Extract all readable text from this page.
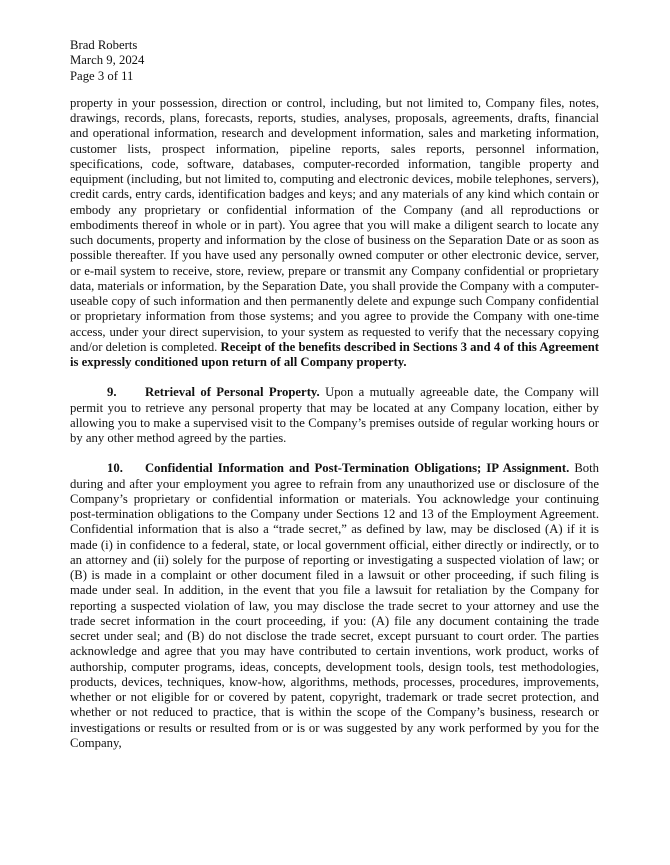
Brad Roberts
March 9, 2024
Page 3 of 11

property in your possession, direction or control, including, but not limited to, Company files, notes, drawings, records, plans, forecasts, reports, studies, analyses, proposals, agreements, drafts, financial and operational information, research and development information, sales and marketing information, customer lists, prospect information, pipeline reports, sales reports, personnel information, specifications, code, software, databases, computer-recorded information, tangible property and equipment (including, but not limited to, computing and electronic devices, mobile telephones, servers), credit cards, entry cards, identification badges and keys; and any materials of any kind which contain or embody any proprietary or confidential information of the Company (and all reproductions or embodiments thereof in whole or in part). You agree that you will make a diligent search to locate any such documents, property and information by the close of business on the Separation Date or as soon as possible thereafter. If you have used any personally owned computer or other electronic device, server, or e-mail system to receive, store, review, prepare or transmit any Company confidential or proprietary data, materials or information, by the Separation Date, you shall provide the Company with a computer-useable copy of such information and then permanently delete and expunge such Company confidential or proprietary information from those systems; and you agree to provide the Company with one-time access, under your direct supervision, to your system as requested to verify that the necessary copying and/or deletion is completed. Receipt of the benefits described in Sections 3 and 4 of this Agreement is expressly conditioned upon return of all Company property.

9. Retrieval of Personal Property. Upon a mutually agreeable date, the Company will permit you to retrieve any personal property that may be located at any Company location, either by allowing you to make a supervised visit to the Company’s premises outside of regular working hours or by any other method agreed by the parties.

10. Confidential Information and Post-Termination Obligations; IP Assignment. Both during and after your employment you agree to refrain from any unauthorized use or disclosure of the Company’s proprietary or confidential information or materials. You acknowledge your continuing post-termination obligations to the Company under Sections 12 and 13 of the Employment Agreement. Confidential information that is also a “trade secret,” as defined by law, may be disclosed (A) if it is made (i) in confidence to a federal, state, or local government official, either directly or indirectly, or to an attorney and (ii) solely for the purpose of reporting or investigating a suspected violation of law; or (B) is made in a complaint or other document filed in a lawsuit or other proceeding, if such filing is made under seal. In addition, in the event that you file a lawsuit for retaliation by the Company for reporting a suspected violation of law, you may disclose the trade secret to your attorney and use the trade secret information in the court proceeding, if you: (A) file any document containing the trade secret under seal; and (B) do not disclose the trade secret, except pursuant to court order. The parties acknowledge and agree that you may have contributed to certain inventions, work product, works of authorship, computer programs, ideas, concepts, development tools, design tools, test methodologies, products, devices, techniques, know-how, algorithms, methods, processes, procedures, improvements, whether or not eligible for or covered by patent, copyright, trademark or trade secret protection, and whether or not reduced to practice, that is within the scope of the Company’s business, research or investigations or results or resulted from or is or was suggested by any work performed by you for the Company,
